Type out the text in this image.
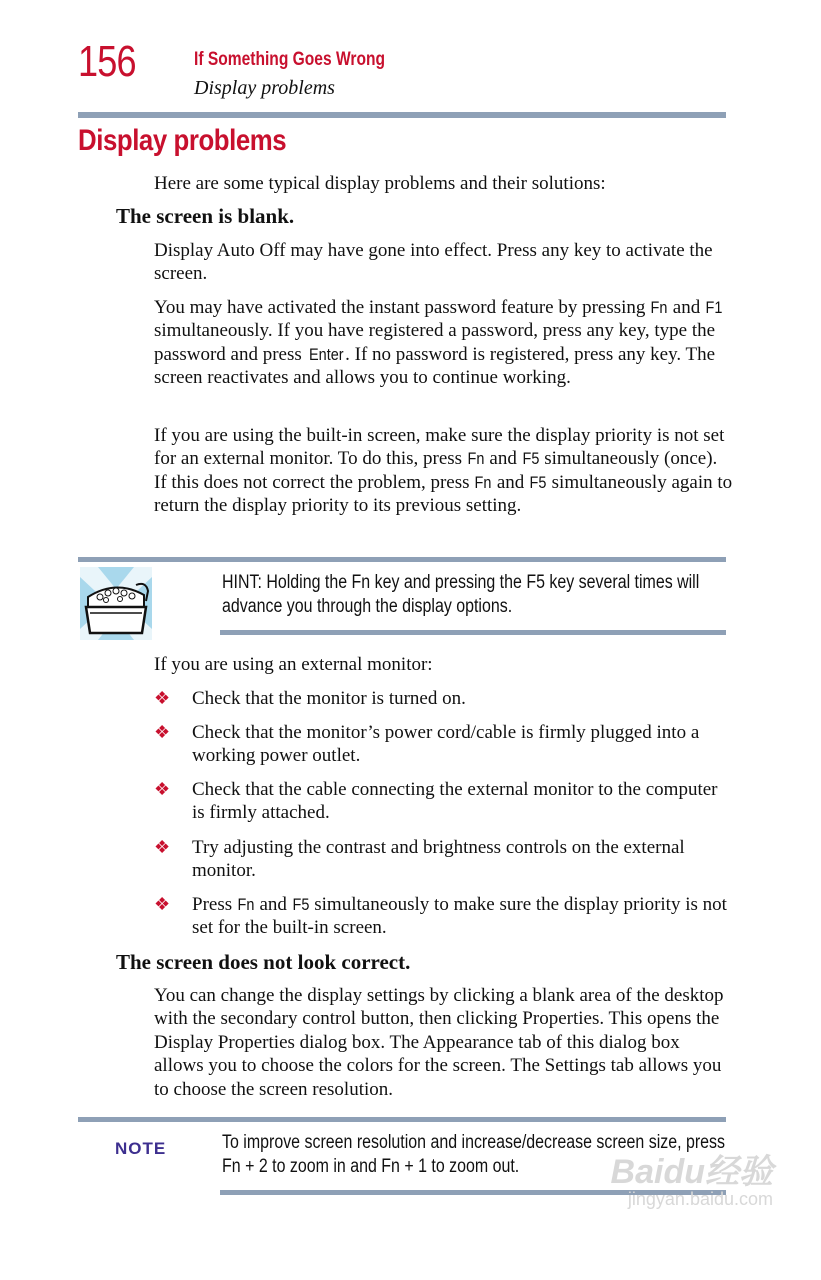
156	If Something Goes Wrong
Display problems
Display problems
Here are some typical display problems and their solutions:
The screen is blank.
Display Auto Off may have gone into effect. Press any key to activate the screen.
You may have activated the instant password feature by pressing Fn and F1 simultaneously. If you have registered a password, press any key, type the password and press Enter . If no password is registered, press any key. The screen reactivates and allows you to continue working.
If you are using the built-in screen, make sure the display priority is not set for an external monitor. To do this, press Fn and F5 simultaneously (once). If this does not correct the problem, press Fn and F5 simultaneously again to return the display priority to its previous setting.
HINT: Holding the Fn key and pressing the F5 key several times will advance you through the display options.
If you are using an external monitor:
❖ Check that the monitor is turned on.
❖ Check that the monitor’s power cord/cable is firmly plugged into a working power outlet.
❖ Check that the cable connecting the external monitor to the computer is firmly attached.
❖ Try adjusting the contrast and brightness controls on the external monitor.
❖ Press Fn and F5 simultaneously to make sure the display priority is not set for the built-in screen.
The screen does not look correct.
You can change the display settings by clicking a blank area of the desktop with the secondary control button, then clicking Properties. This opens the Display Properties dialog box. The Appearance tab of this dialog box allows you to choose the colors for the screen. The Settings tab allows you to choose the screen resolution.
NOTE	To improve screen resolution and increase/decrease screen size, press Fn + 2 to zoom in and Fn + 1 to zoom out.	Baidu经验
jingyan.baidu.com
